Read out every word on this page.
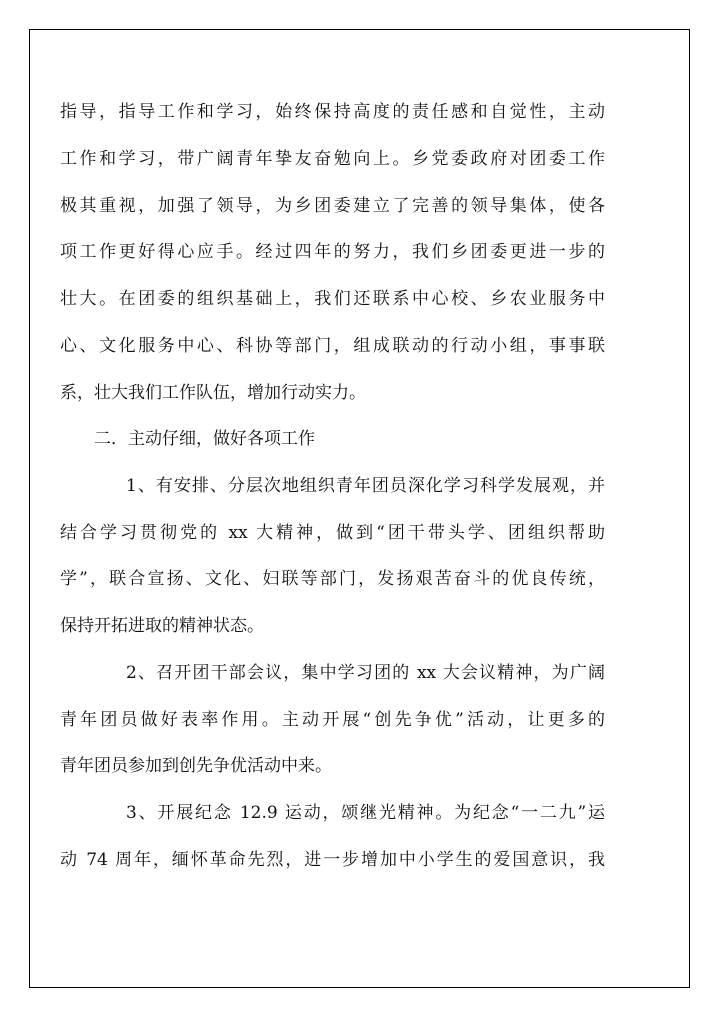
指导，指导工作和学习，始终保持高度的责任感和自觉性，主动
工作和学习，带广阔青年挚友奋勉向上。乡党委政府对团委工作
极其重视，加强了领导，为乡团委建立了完善的领导集体，使各
项工作更好得心应手。经过四年的努力，我们乡团委更进一步的
壮大。在团委的组织基础上，我们还联系中心校、乡农业服务中
心、文化服务中心、科协等部门，组成联动的行动小组，事事联
系，壮大我们工作队伍，增加行动实力。
二．主动仔细，做好各项工作
1、有安排、分层次地组织青年团员深化学习科学发展观，并
结合学习贯彻党的 xx 大精神，做到“团干带头学、团组织帮助
学”，联合宣扬、文化、妇联等部门，发扬艰苦奋斗的优良传统，
保持开拓进取的精神状态。
2、召开团干部会议，集中学习团的 xx 大会议精神，为广阔
青年团员做好表率作用。主动开展“创先争优”活动，让更多的
青年团员参加到创先争优活动中来。
3、开展纪念 12.9 运动，颂继光精神。为纪念“一二九”运
动 74 周年，缅怀革命先烈，进一步增加中小学生的爱国意识，我
